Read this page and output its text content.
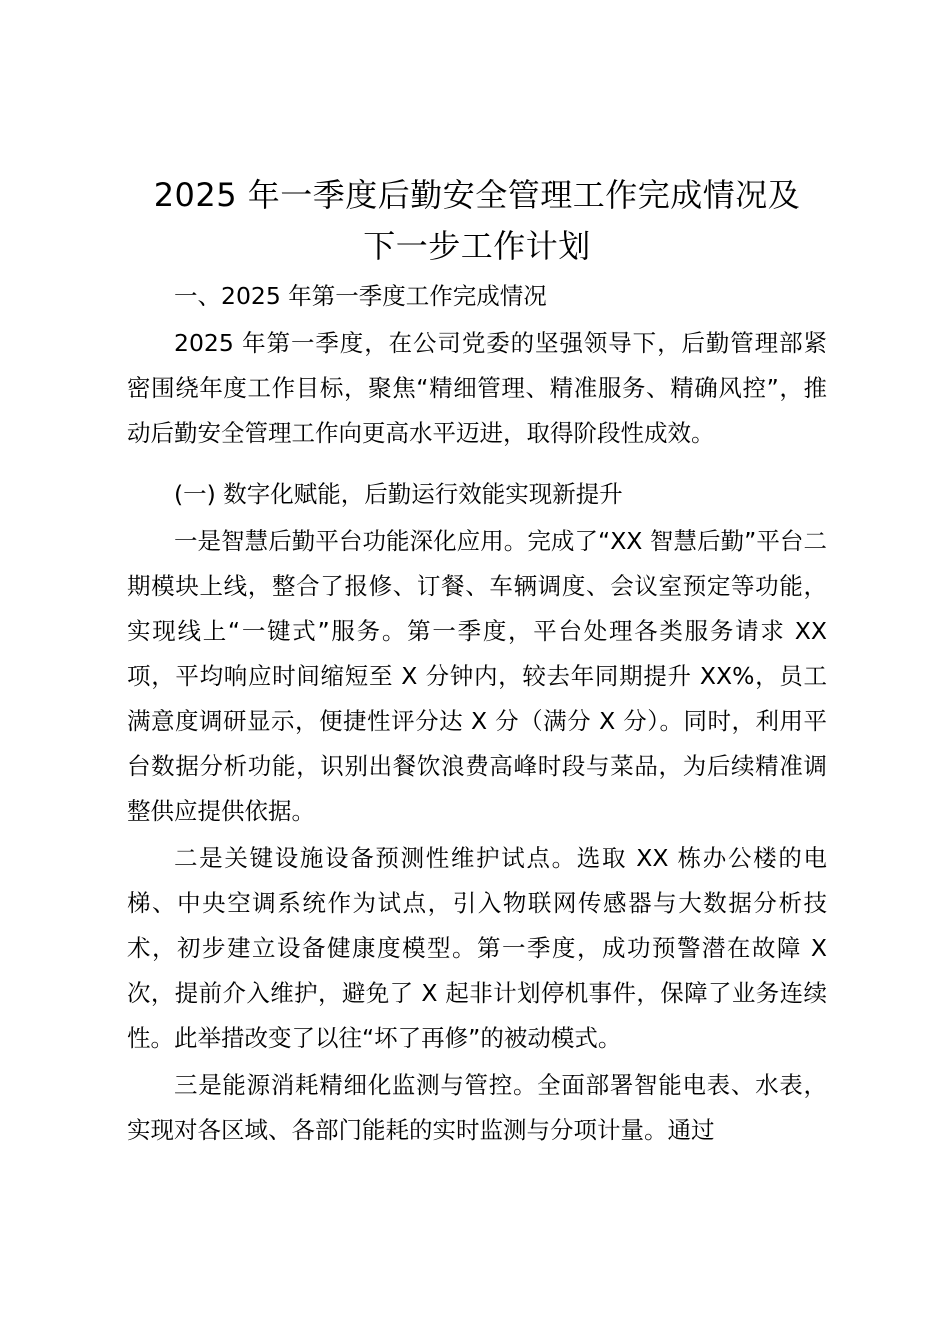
2025 年一季度后勤安全管理工作完成情况及
下一步工作计划

一、2025 年第一季度工作完成情况

2025 年第一季度，在公司党委的坚强领导下，后勤管理部紧密围绕年度工作目标，聚焦“精细管理、精准服务、精确风控”，推动后勤安全管理工作向更高水平迈进，取得阶段性成效。

(一) 数字化赋能，后勤运行效能实现新提升

一是智慧后勤平台功能深化应用。完成了“XX 智慧后勤”平台二期模块上线，整合了报修、订餐、车辆调度、会议室预定等功能，实现线上“一键式”服务。第一季度，平台处理各类服务请求 XX 项，平均响应时间缩短至 X 分钟内，较去年同期提升 XX%，员工满意度调研显示，便捷性评分达 X 分（满分 X 分）。同时，利用平台数据分析功能，识别出餐饮浪费高峰时段与菜品，为后续精准调整供应提供依据。

二是关键设施设备预测性维护试点。选取 XX 栋办公楼的电梯、中央空调系统作为试点，引入物联网传感器与大数据分析技术，初步建立设备健康度模型。第一季度，成功预警潜在故障 X 次，提前介入维护，避免了 X 起非计划停机事件，保障了业务连续性。此举措改变了以往“坏了再修”的被动模式。

三是能源消耗精细化监测与管控。全面部署智能电表、水表，实现对各区域、各部门能耗的实时监测与分项计量。通过
